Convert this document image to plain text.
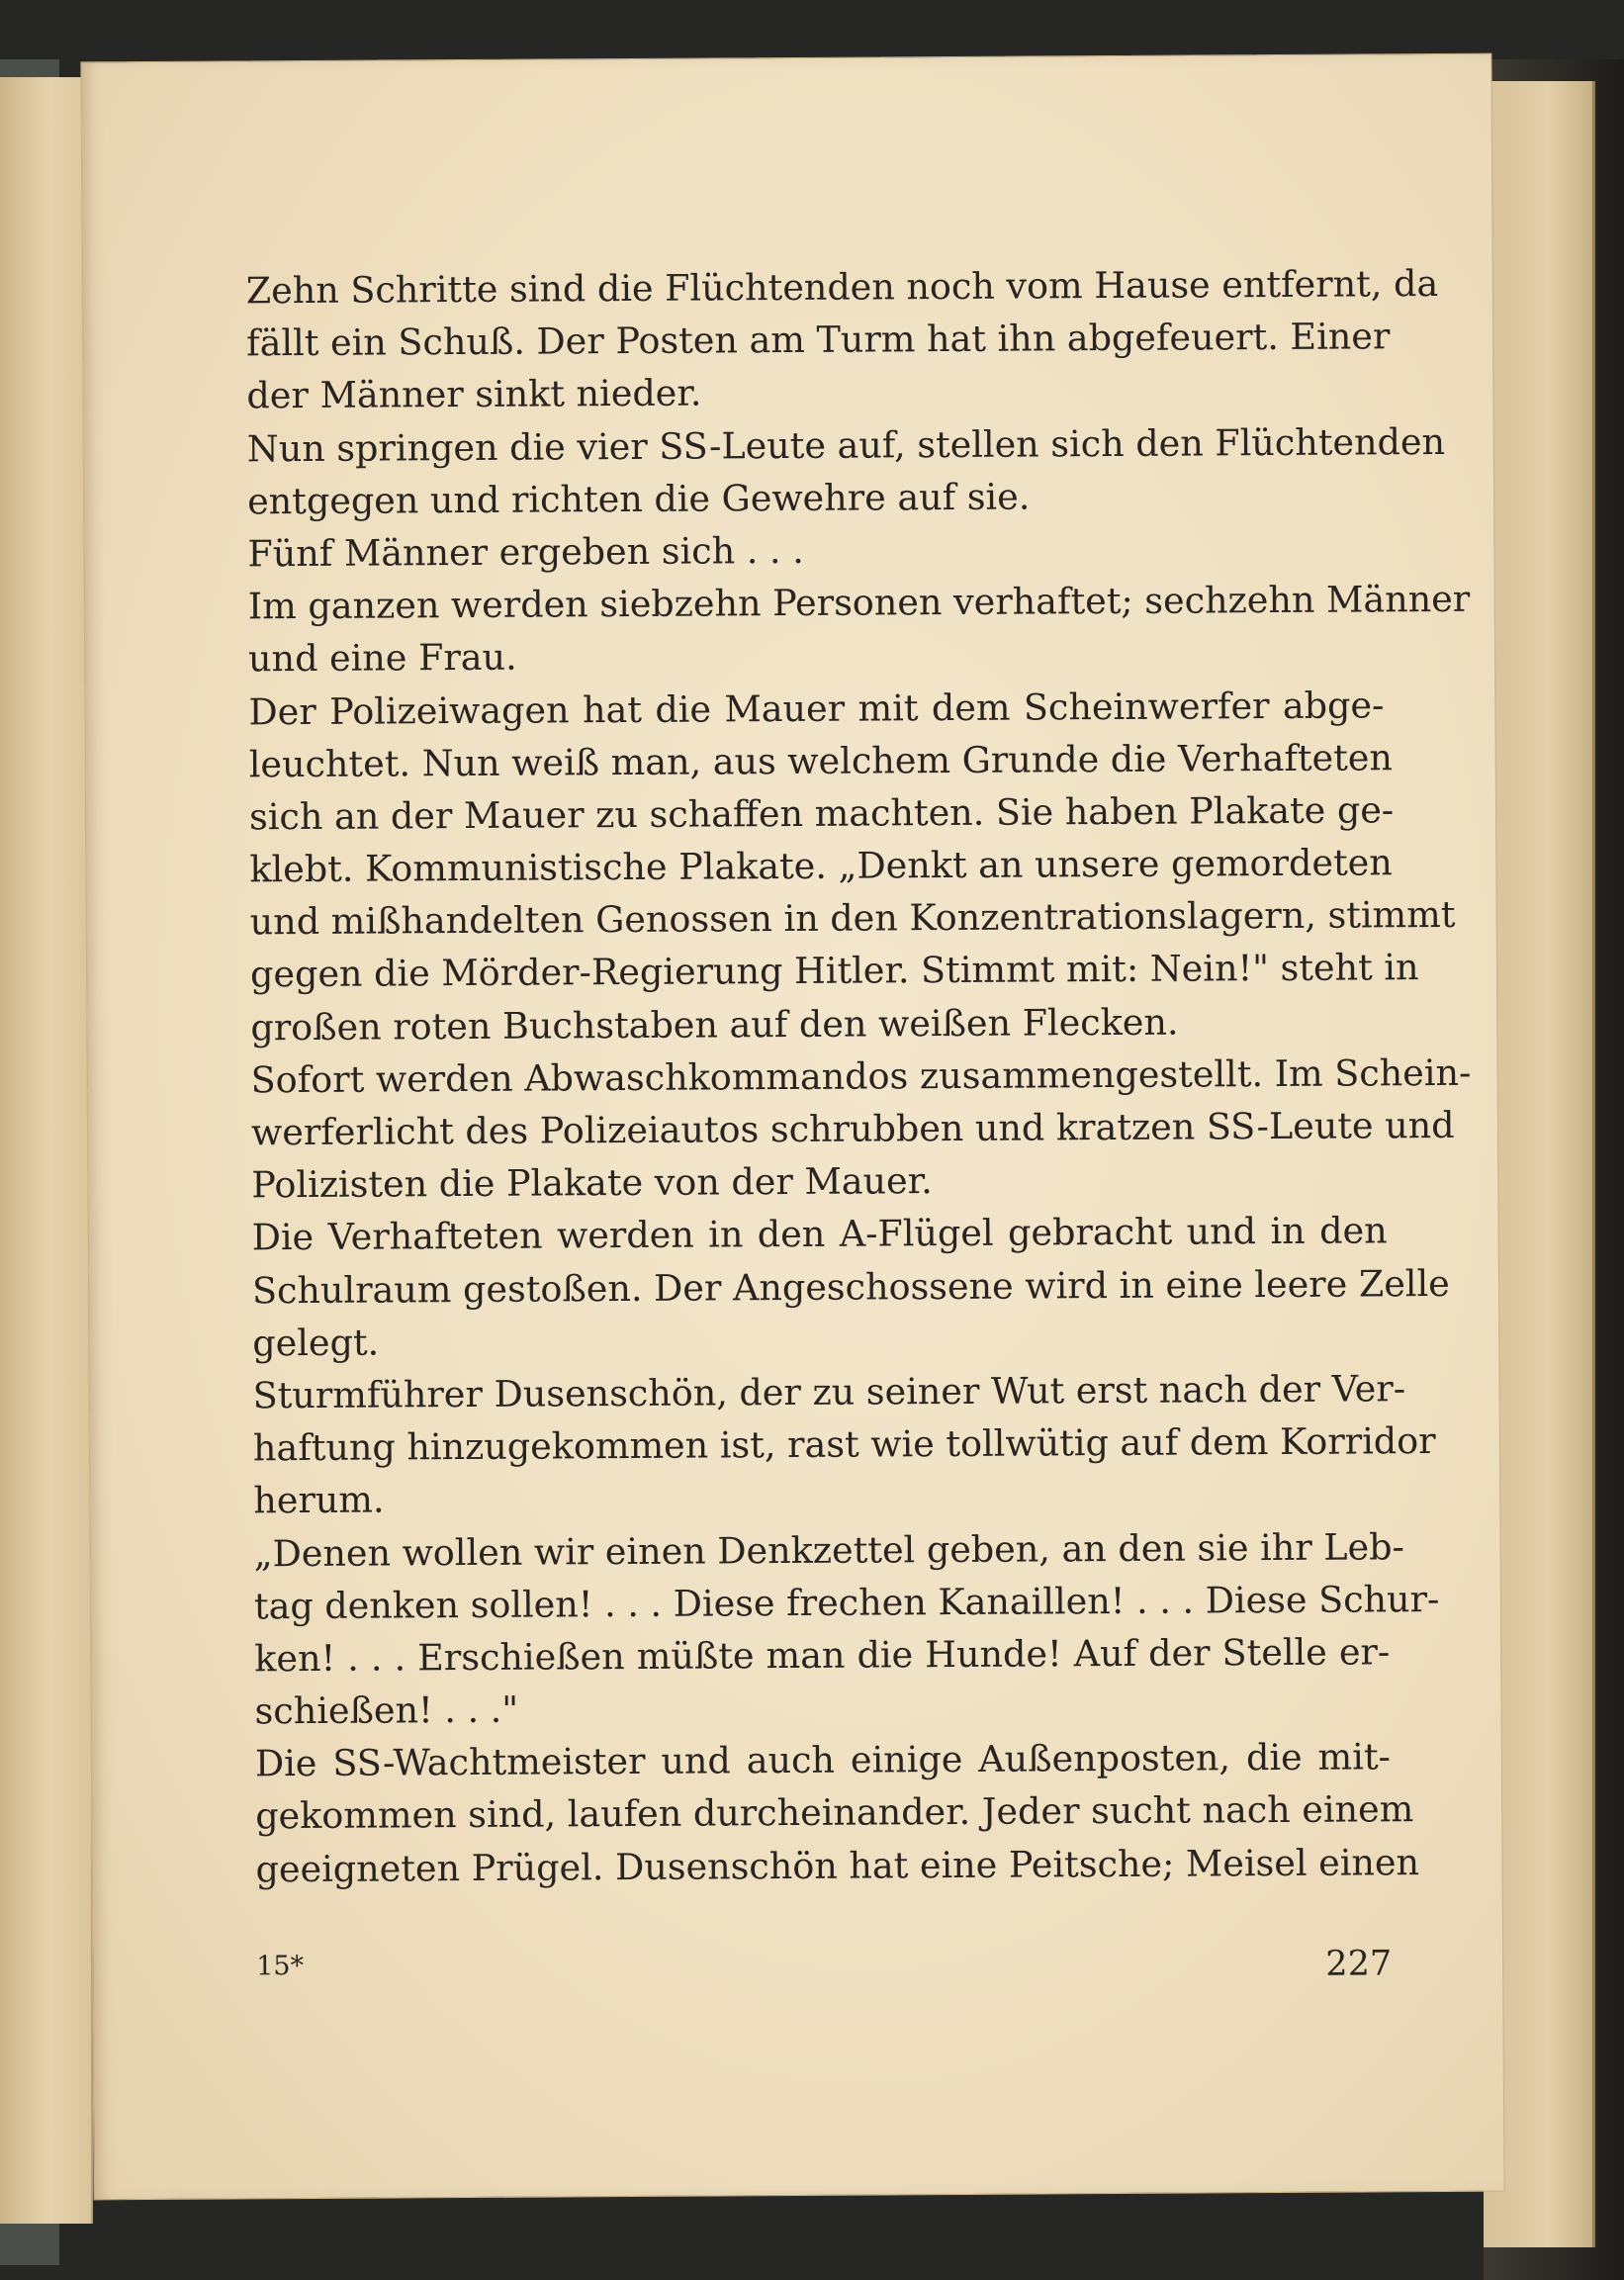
Zehn Schritte sind die Flüchtenden noch vom Hause entfernt, da
fällt ein Schuß. Der Posten am Turm hat ihn abgefeuert. Einer
der Männer sinkt nieder.
Nun springen die vier SS-Leute auf, stellen sich den Flüchtenden
entgegen und richten die Gewehre auf sie.
Fünf Männer ergeben sich . . .
Im ganzen werden siebzehn Personen verhaftet; sechzehn Männer
und eine Frau.
Der Polizeiwagen hat die Mauer mit dem Scheinwerfer abge-
leuchtet. Nun weiß man, aus welchem Grunde die Verhafteten
sich an der Mauer zu schaffen machten. Sie haben Plakate ge-
klebt. Kommunistische Plakate. „Denkt an unsere gemordeten
und mißhandelten Genossen in den Konzentrationslagern, stimmt
gegen die Mörder-Regierung Hitler. Stimmt mit: Nein!" steht in
großen roten Buchstaben auf den weißen Flecken.
Sofort werden Abwaschkommandos zusammengestellt. Im Schein-
werferlicht des Polizeiautos schrubben und kratzen SS-Leute und
Polizisten die Plakate von der Mauer.
Die Verhafteten werden in den A-Flügel gebracht und in den
Schulraum gestoßen. Der Angeschossene wird in eine leere Zelle
gelegt.
Sturmführer Dusenschön, der zu seiner Wut erst nach der Ver-
haftung hinzugekommen ist, rast wie tollwütig auf dem Korridor
herum.
„Denen wollen wir einen Denkzettel geben, an den sie ihr Leb-
tag denken sollen! . . . Diese frechen Kanaillen! . . . Diese Schur-
ken! . . . Erschießen müßte man die Hunde! Auf der Stelle er-
schießen! . . ."
Die SS-Wachtmeister und auch einige Außenposten, die mit-
gekommen sind, laufen durcheinander. Jeder sucht nach einem
geeigneten Prügel. Dusenschön hat eine Peitsche; Meisel einen
15*	227
